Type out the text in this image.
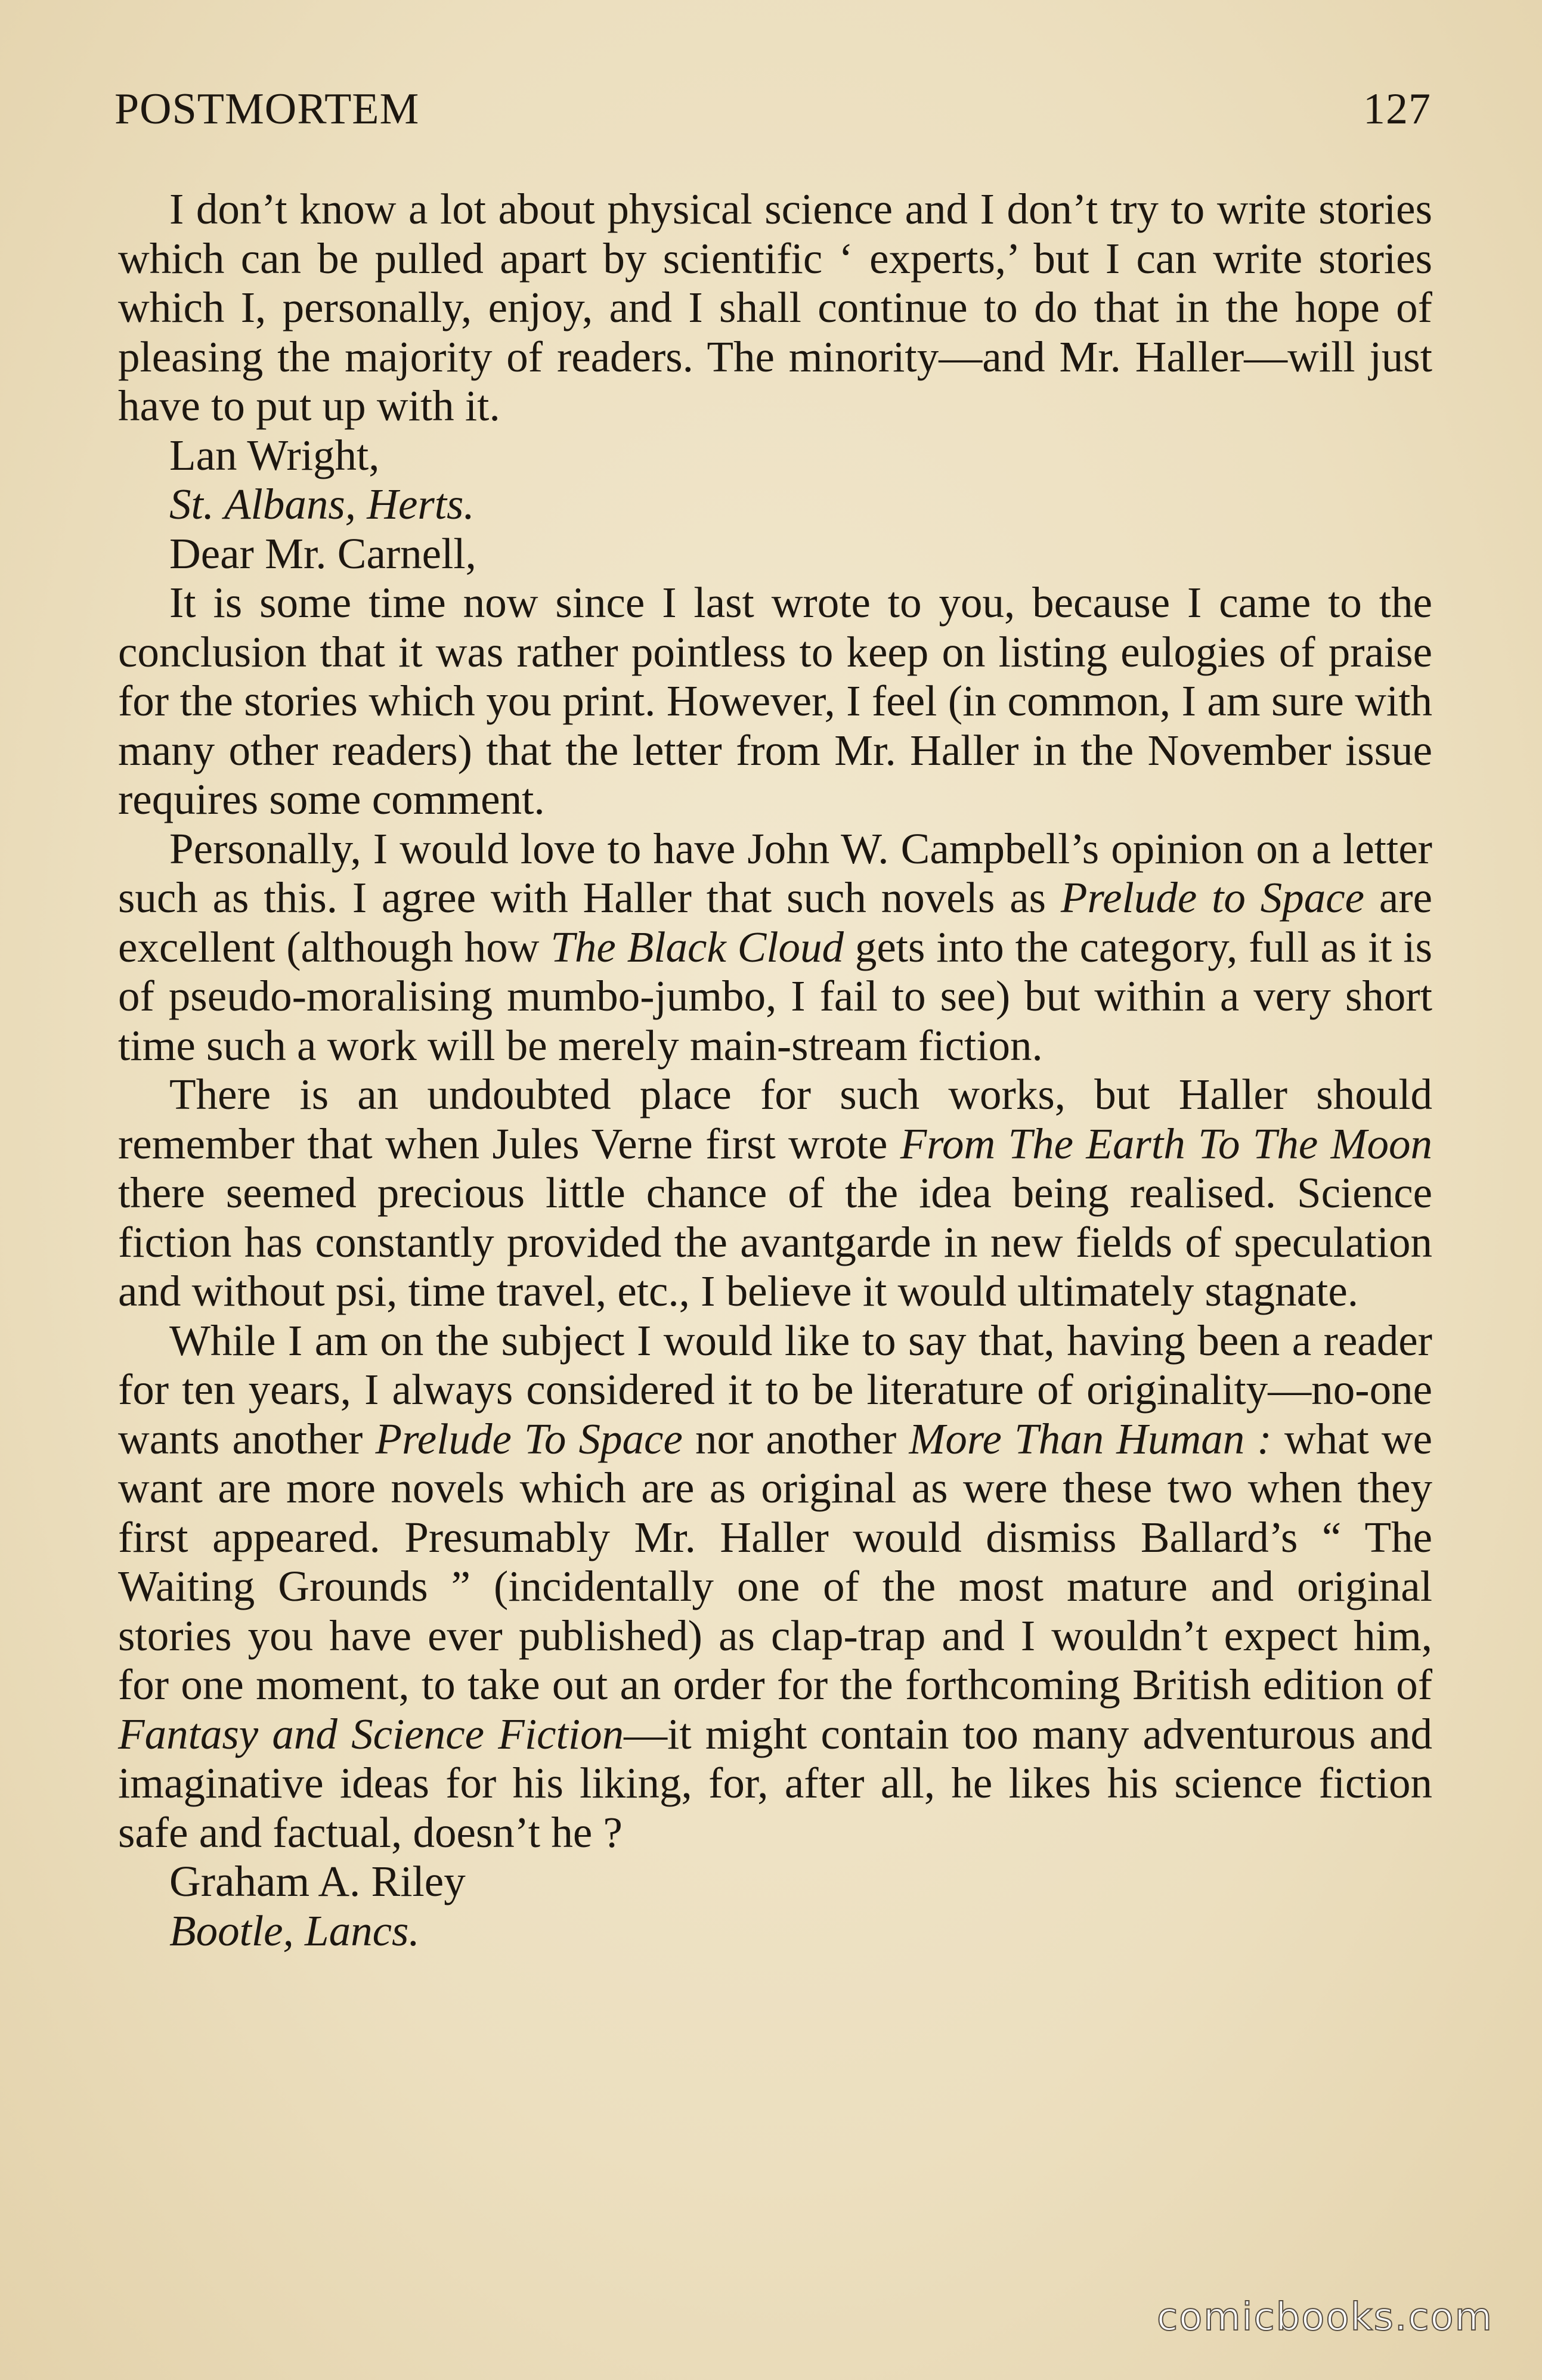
POSTMORTEM	127

I don’t know a lot about physical science and I don’t try to write stories which can be pulled apart by scientific ‘ experts,’ but I can write stories which I, personally, enjoy, and I shall continue to do that in the hope of pleasing the majority of readers. The minority—and Mr. Haller—will just have to put up with it.

Lan Wright,

St. Albans, Herts.

Dear Mr. Carnell,

It is some time now since I last wrote to you, because I came to the conclusion that it was rather pointless to keep on listing eulogies of praise for the stories which you print. However, I feel (in common, I am sure with many other readers) that the letter from Mr. Haller in the November issue requires some comment.

Personally, I would love to have John W. Campbell’s opinion on a letter such as this. I agree with Haller that such novels as Prelude to Space are excellent (although how The Black Cloud gets into the category, full as it is of pseudo-moralising mumbo-jumbo, I fail to see) but within a very short time such a work will be merely main-stream fiction.

There is an undoubted place for such works, but Haller should remember that when Jules Verne first wrote From The Earth To The Moon there seemed precious little chance of the idea being realised. Science fiction has constantly provided the avantgarde in new fields of speculation and without psi, time travel, etc., I believe it would ultimately stagnate.

While I am on the subject I would like to say that, having been a reader for ten years, I always considered it to be literature of originality—no-one wants another Prelude To Space nor another More Than Human : what we want are more novels which are as original as were these two when they first appeared. Presumably Mr. Haller would dismiss Ballard’s “ The Waiting Grounds ” (incidentally one of the most mature and original stories you have ever published) as clap-trap and I wouldn’t expect him, for one moment, to take out an order for the forthcoming British edition of Fantasy and Science Fiction—it might contain too many adventurous and imaginative ideas for his liking, for, after all, he likes his science fiction safe and factual, doesn’t he ?

Graham A. Riley

Bootle, Lancs.

comicbooks.com
